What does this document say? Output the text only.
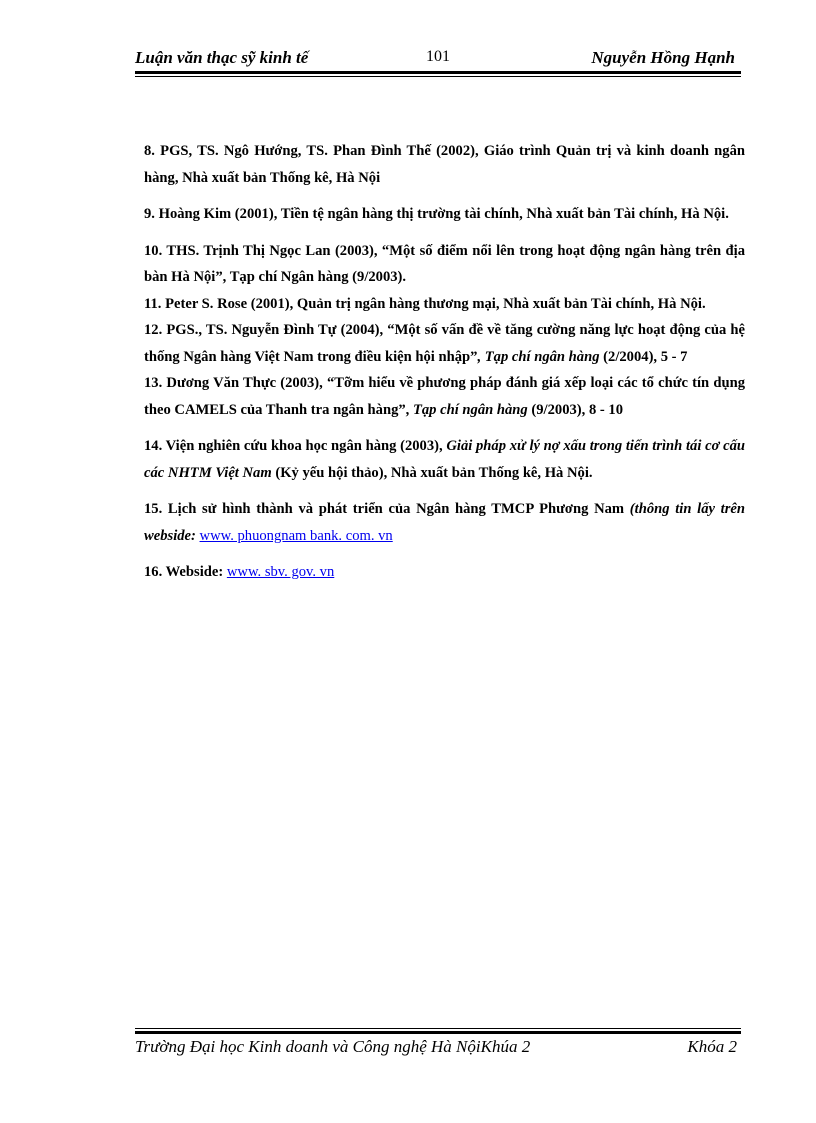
Luận văn thạc sỹ kinh tế	101	Nguyễn Hồng Hạnh

8. PGS, TS. Ngô Hướng, TS. Phan Đình Thế (2002), Giáo trình Quản trị và kinh doanh ngân hàng, Nhà xuất bản Thống kê, Hà Nội

9. Hoàng Kim (2001), Tiền tệ ngân hàng thị trường tài chính, Nhà xuất bản Tài chính, Hà Nội.

10. THS. Trịnh Thị Ngọc Lan (2003), “Một số điểm nổi lên trong hoạt động ngân hàng trên địa bàn Hà Nội”, Tạp chí Ngân hàng (9/2003).

11. Peter S. Rose (2001), Quản trị ngân hàng thương mại, Nhà xuất bản Tài chính, Hà Nội.

12. PGS., TS. Nguyễn Đình Tự (2004), “Một số vấn đề về tăng cường năng lực hoạt động của hệ thống Ngân hàng Việt Nam trong điều kiện hội nhập”, Tạp chí ngân hàng (2/2004), 5 - 7

13. Dương Văn Thực (2003), “Tỡm hiểu về phương pháp đánh giá xếp loại các tổ chức tín dụng theo CAMELS của Thanh tra ngân hàng”, Tạp chí ngân hàng (9/2003), 8 - 10

14. Viện nghiên cứu khoa học ngân hàng (2003), Giải pháp xử lý nợ xấu trong tiến trình tái cơ cấu các NHTM Việt Nam (Kỷ yếu hội thảo), Nhà xuất bản Thống kê, Hà Nội.

15. Lịch sử hình thành và phát triển của Ngân hàng TMCP Phương Nam (thông tin lấy trên webside: www. phuongnam bank. com. vn

16. Webside: www. sbv. gov. vn

Trường Đại học Kinh doanh và Công nghệ Hà NộiKhúa 2	Khóa 2
